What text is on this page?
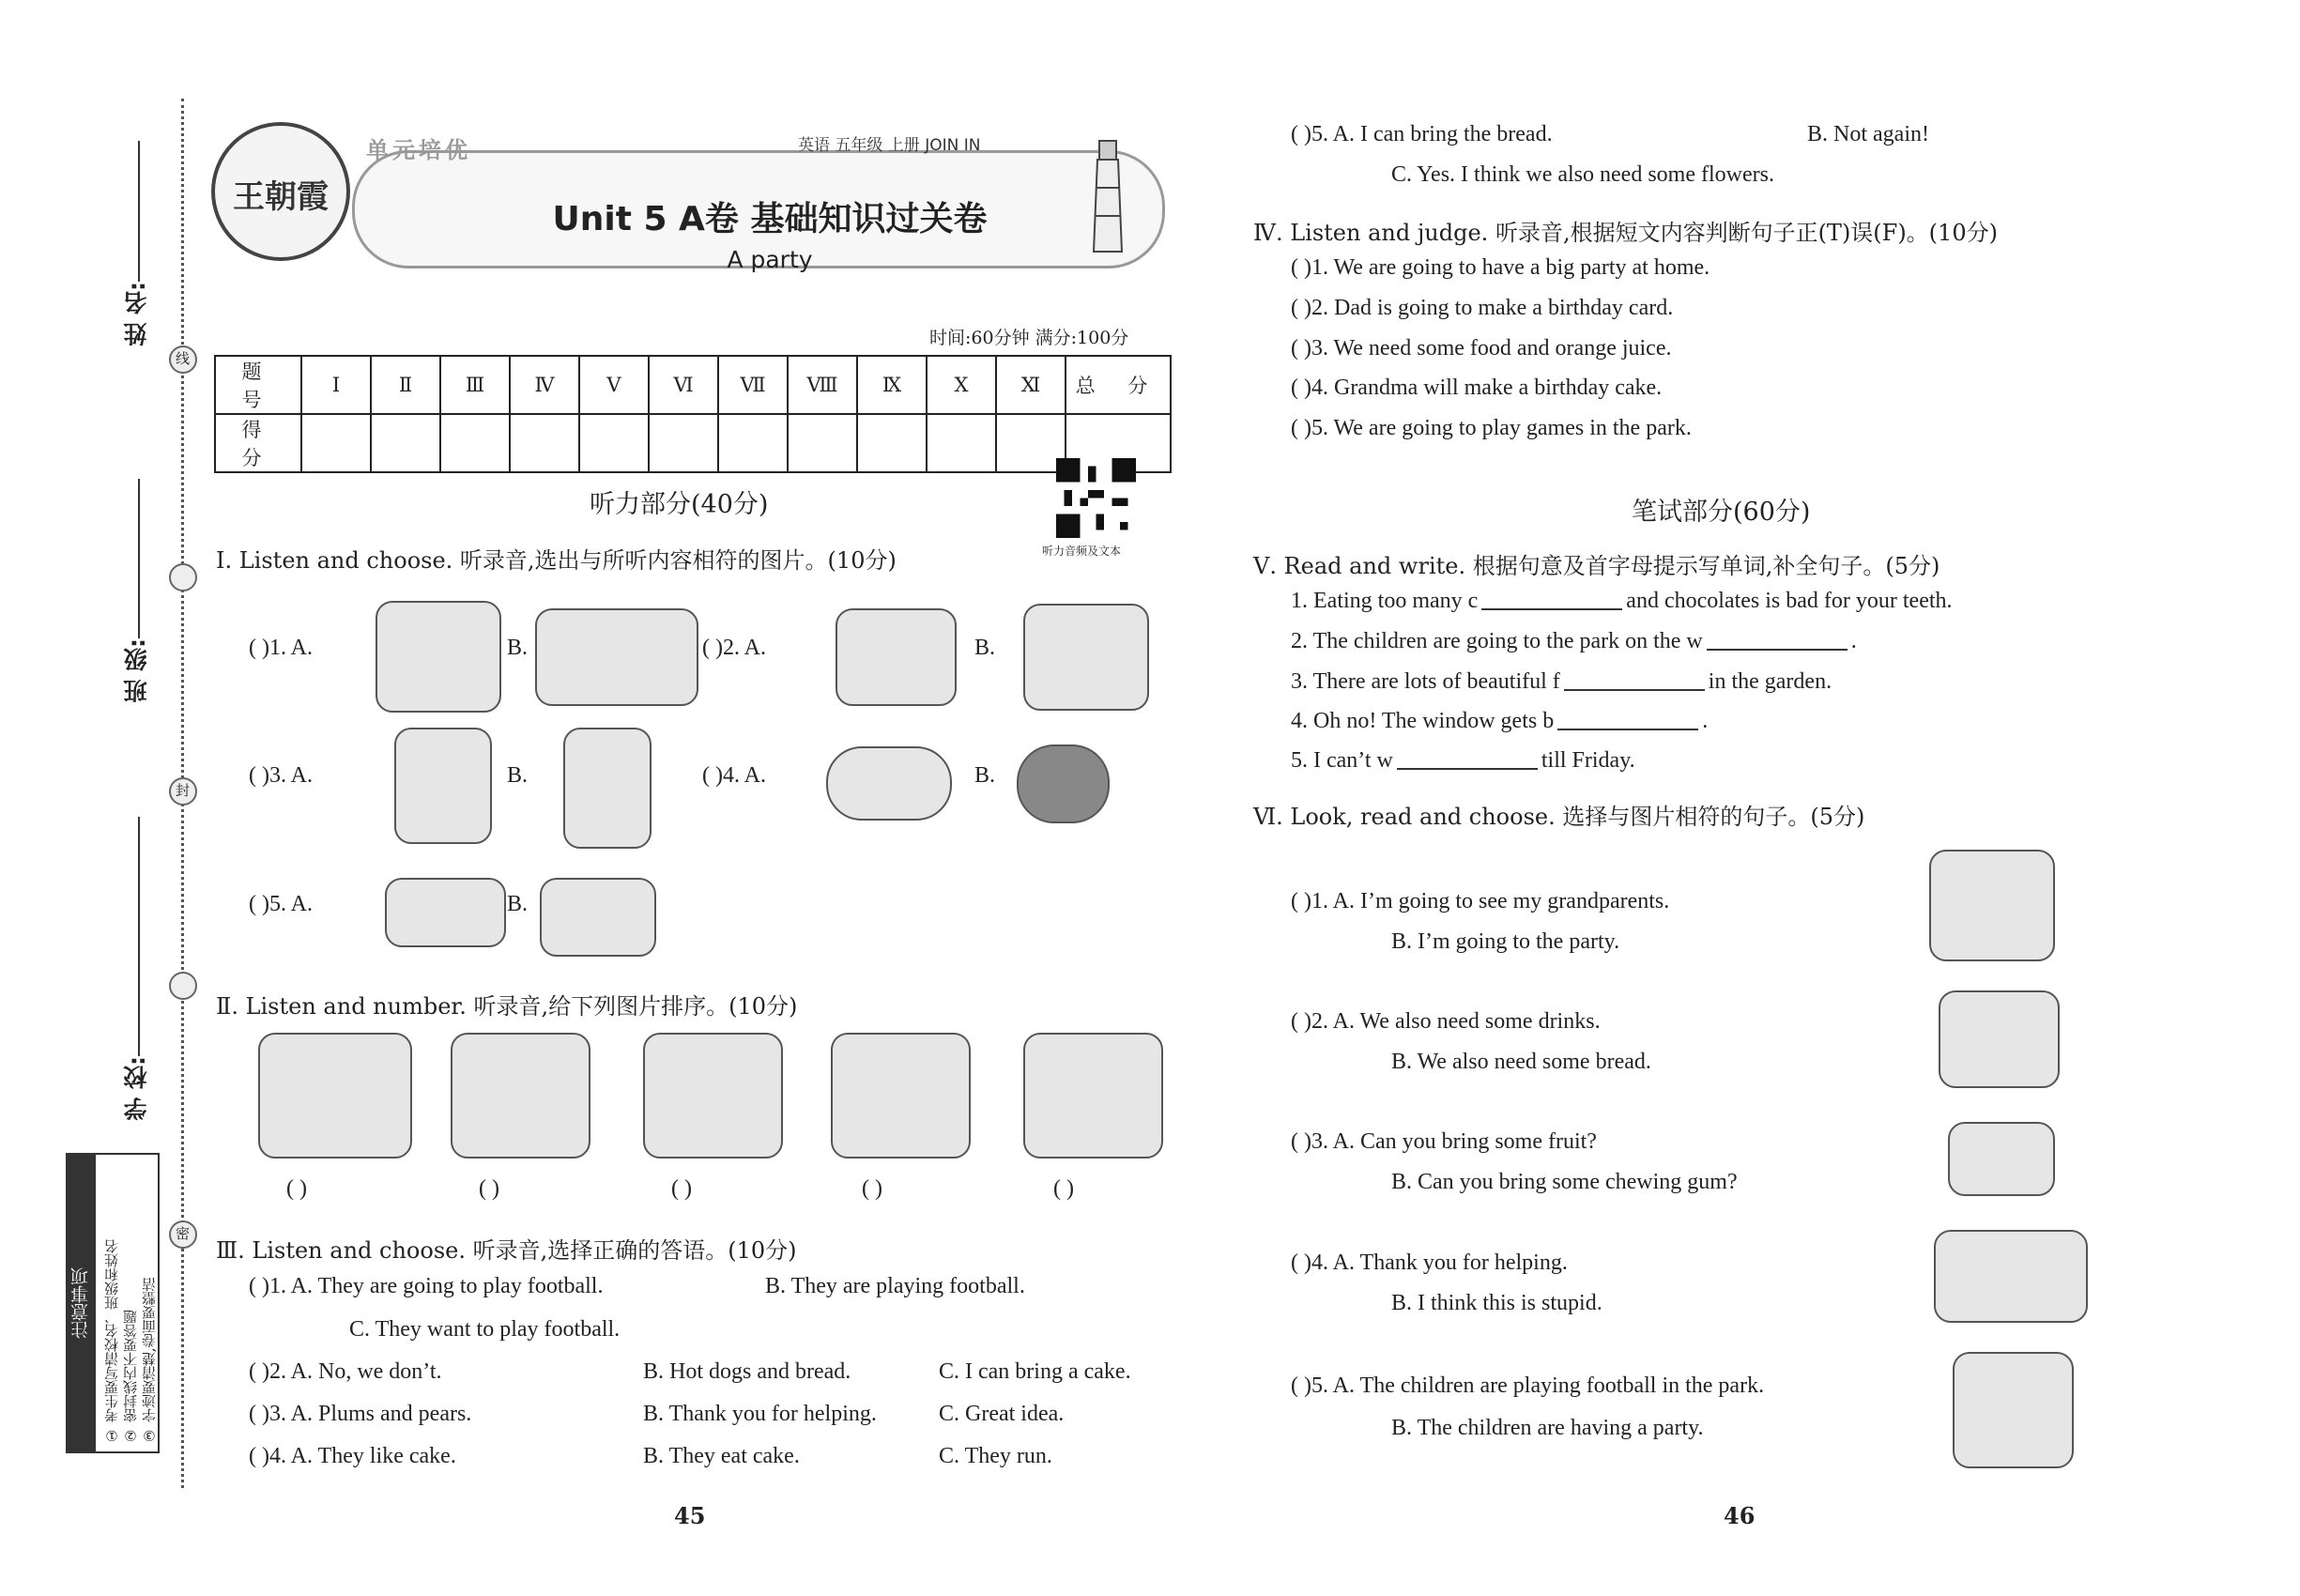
线
封
密
姓 名:
班 级:
学 校:
注意事项 ① 考生要写清校名、班级和姓名 ② 密封线内不要答题 ③ 字迹要清楚,卷面要整洁
王朝霞
单元培优	英语 五年级 上册 JOIN IN
Unit 5 A卷 基础知识过关卷
A party
时间:60分钟 满分:100分
题 号	Ⅰ	Ⅱ	Ⅲ	Ⅳ	Ⅴ	Ⅵ	Ⅶ	Ⅷ	Ⅸ	Ⅹ	Ⅺ	总 分
得 分												
听力音频及文本
听力部分(40分)
Ⅰ. Listen and choose. 听录音,选出与所听内容相符的图片。(10分)
( )1. A.	B.	( )2. A.	B.
( )3. A.	B.	( )4. A.	B.
( )5. A.	B.
Ⅱ. Listen and number. 听录音,给下列图片排序。(10分)
( )	( )	( )	( )	( )
Ⅲ. Listen and choose. 听录音,选择正确的答语。(10分)
( )1. A. They are going to play football.	B. They are playing football.
C. They want to play football.
( )2. A. No, we don’t.	B. Hot dogs and bread.	C. I can bring a cake.
( )3. A. Plums and pears.	B. Thank you for helping.	C. Great idea.
( )4. A. They like cake.	B. They eat cake.	C. They run.
45
( )5. A. I can bring the bread.	B. Not again!
C. Yes. I think we also need some flowers.
Ⅳ. Listen and judge. 听录音,根据短文内容判断句子正(T)误(F)。(10分)
( )1. We are going to have a big party at home.
( )2. Dad is going to make a birthday card.
( )3. We need some food and orange juice.
( )4. Grandma will make a birthday cake.
( )5. We are going to play games in the park.
笔试部分(60分)
Ⅴ. Read and write. 根据句意及首字母提示写单词,补全句子。(5分)
1. Eating too many c	and chocolates is bad for your teeth.
2. The children are going to the park on the w	.
3. There are lots of beautiful f	in the garden.
4. Oh no! The window gets b	.
5. I can’t w	till Friday.
Ⅵ. Look, read and choose. 选择与图片相符的句子。(5分)
( )1. A. I’m going to see my grandparents.
B. I’m going to the party.
( )2. A. We also need some drinks.
B. We also need some bread.
( )3. A. Can you bring some fruit?
B. Can you bring some chewing gum?
( )4. A. Thank you for helping.
B. I think this is stupid.
( )5. A. The children are playing football in the park.
B. The children are having a party.
46
